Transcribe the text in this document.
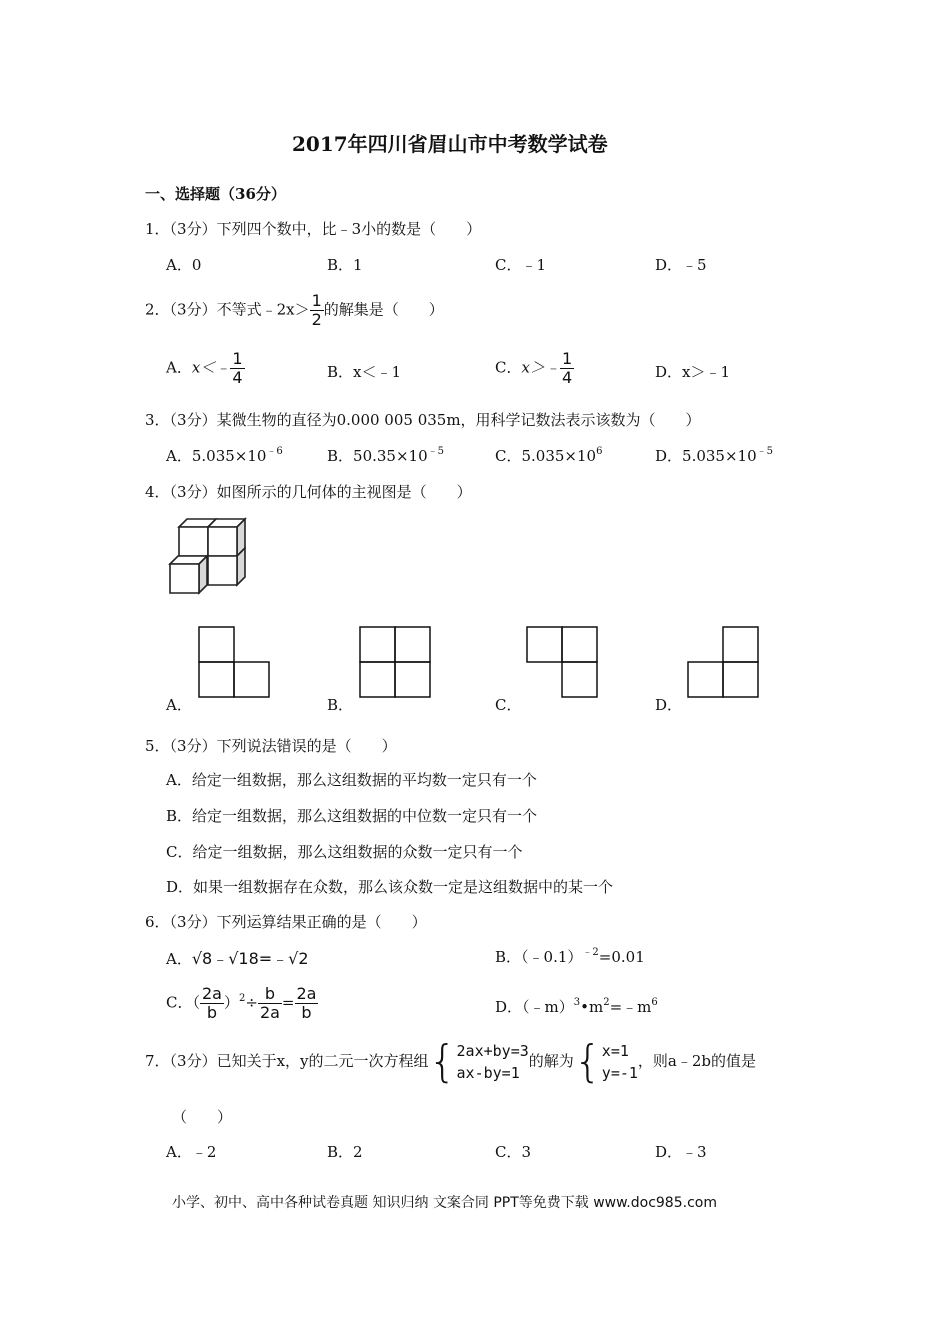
2017年四川省眉山市中考数学试卷
一、选择题（36分）
1．（3分）下列四个数中，比﹣3小的数是（　　）
A．0	B．1	C．﹣1	D．﹣5
2．（3分）不等式﹣2x＞ $\frac{1}{2}$ 的解集是（　　）
A．x＜﹣ $\frac{1}{4}$	B．x＜﹣1	C．x＞﹣ $\frac{1}{4}$	D．x＞﹣1
3．（3分）某微生物的直径为0.000 005 035m，用科学记数法表示该数为（　　）
A．$5.035\times 10^{﹣6}$	B．$50.35\times 10^{﹣5}$	C．$5.035\times 10^6$	D．$5.035\times 10^{﹣5}$
4．（3分）如图所示的几何体的主视图是（　　）
A．	B．	C．	D．
5．（3分）下列说法错误的是（　　）
A．给定一组数据，那么这组数据的平均数一定只有一个
B．给定一组数据，那么这组数据的中位数一定只有一个
C．给定一组数据，那么这组数据的众数一定只有一个
D．如果一组数据存在众数，那么该众数一定是这组数据中的某一个
6．（3分）下列运算结果正确的是（　　）
A．√8﹣√18=﹣√2	B．（﹣0.1）$^{﹣2}$=0.01
C．（ $\frac{2a}{b} )^2\div \frac{b}{2a} = \frac{2a}{b}$	D．$(﹣m)^3•m^2=﹣m^6$
7．（3分）已知关于x，y的二元一次方程组{ 2ax+by=3
ax-by=1
的解为{ x=1
y=-1
，则a﹣2b的值是
（　　）
A．﹣2	B．2	C．3	D．﹣3
小学、初中、高中各种试卷真题 知识归纳 文案合同 PPT等免费下载 www.doc985.com
